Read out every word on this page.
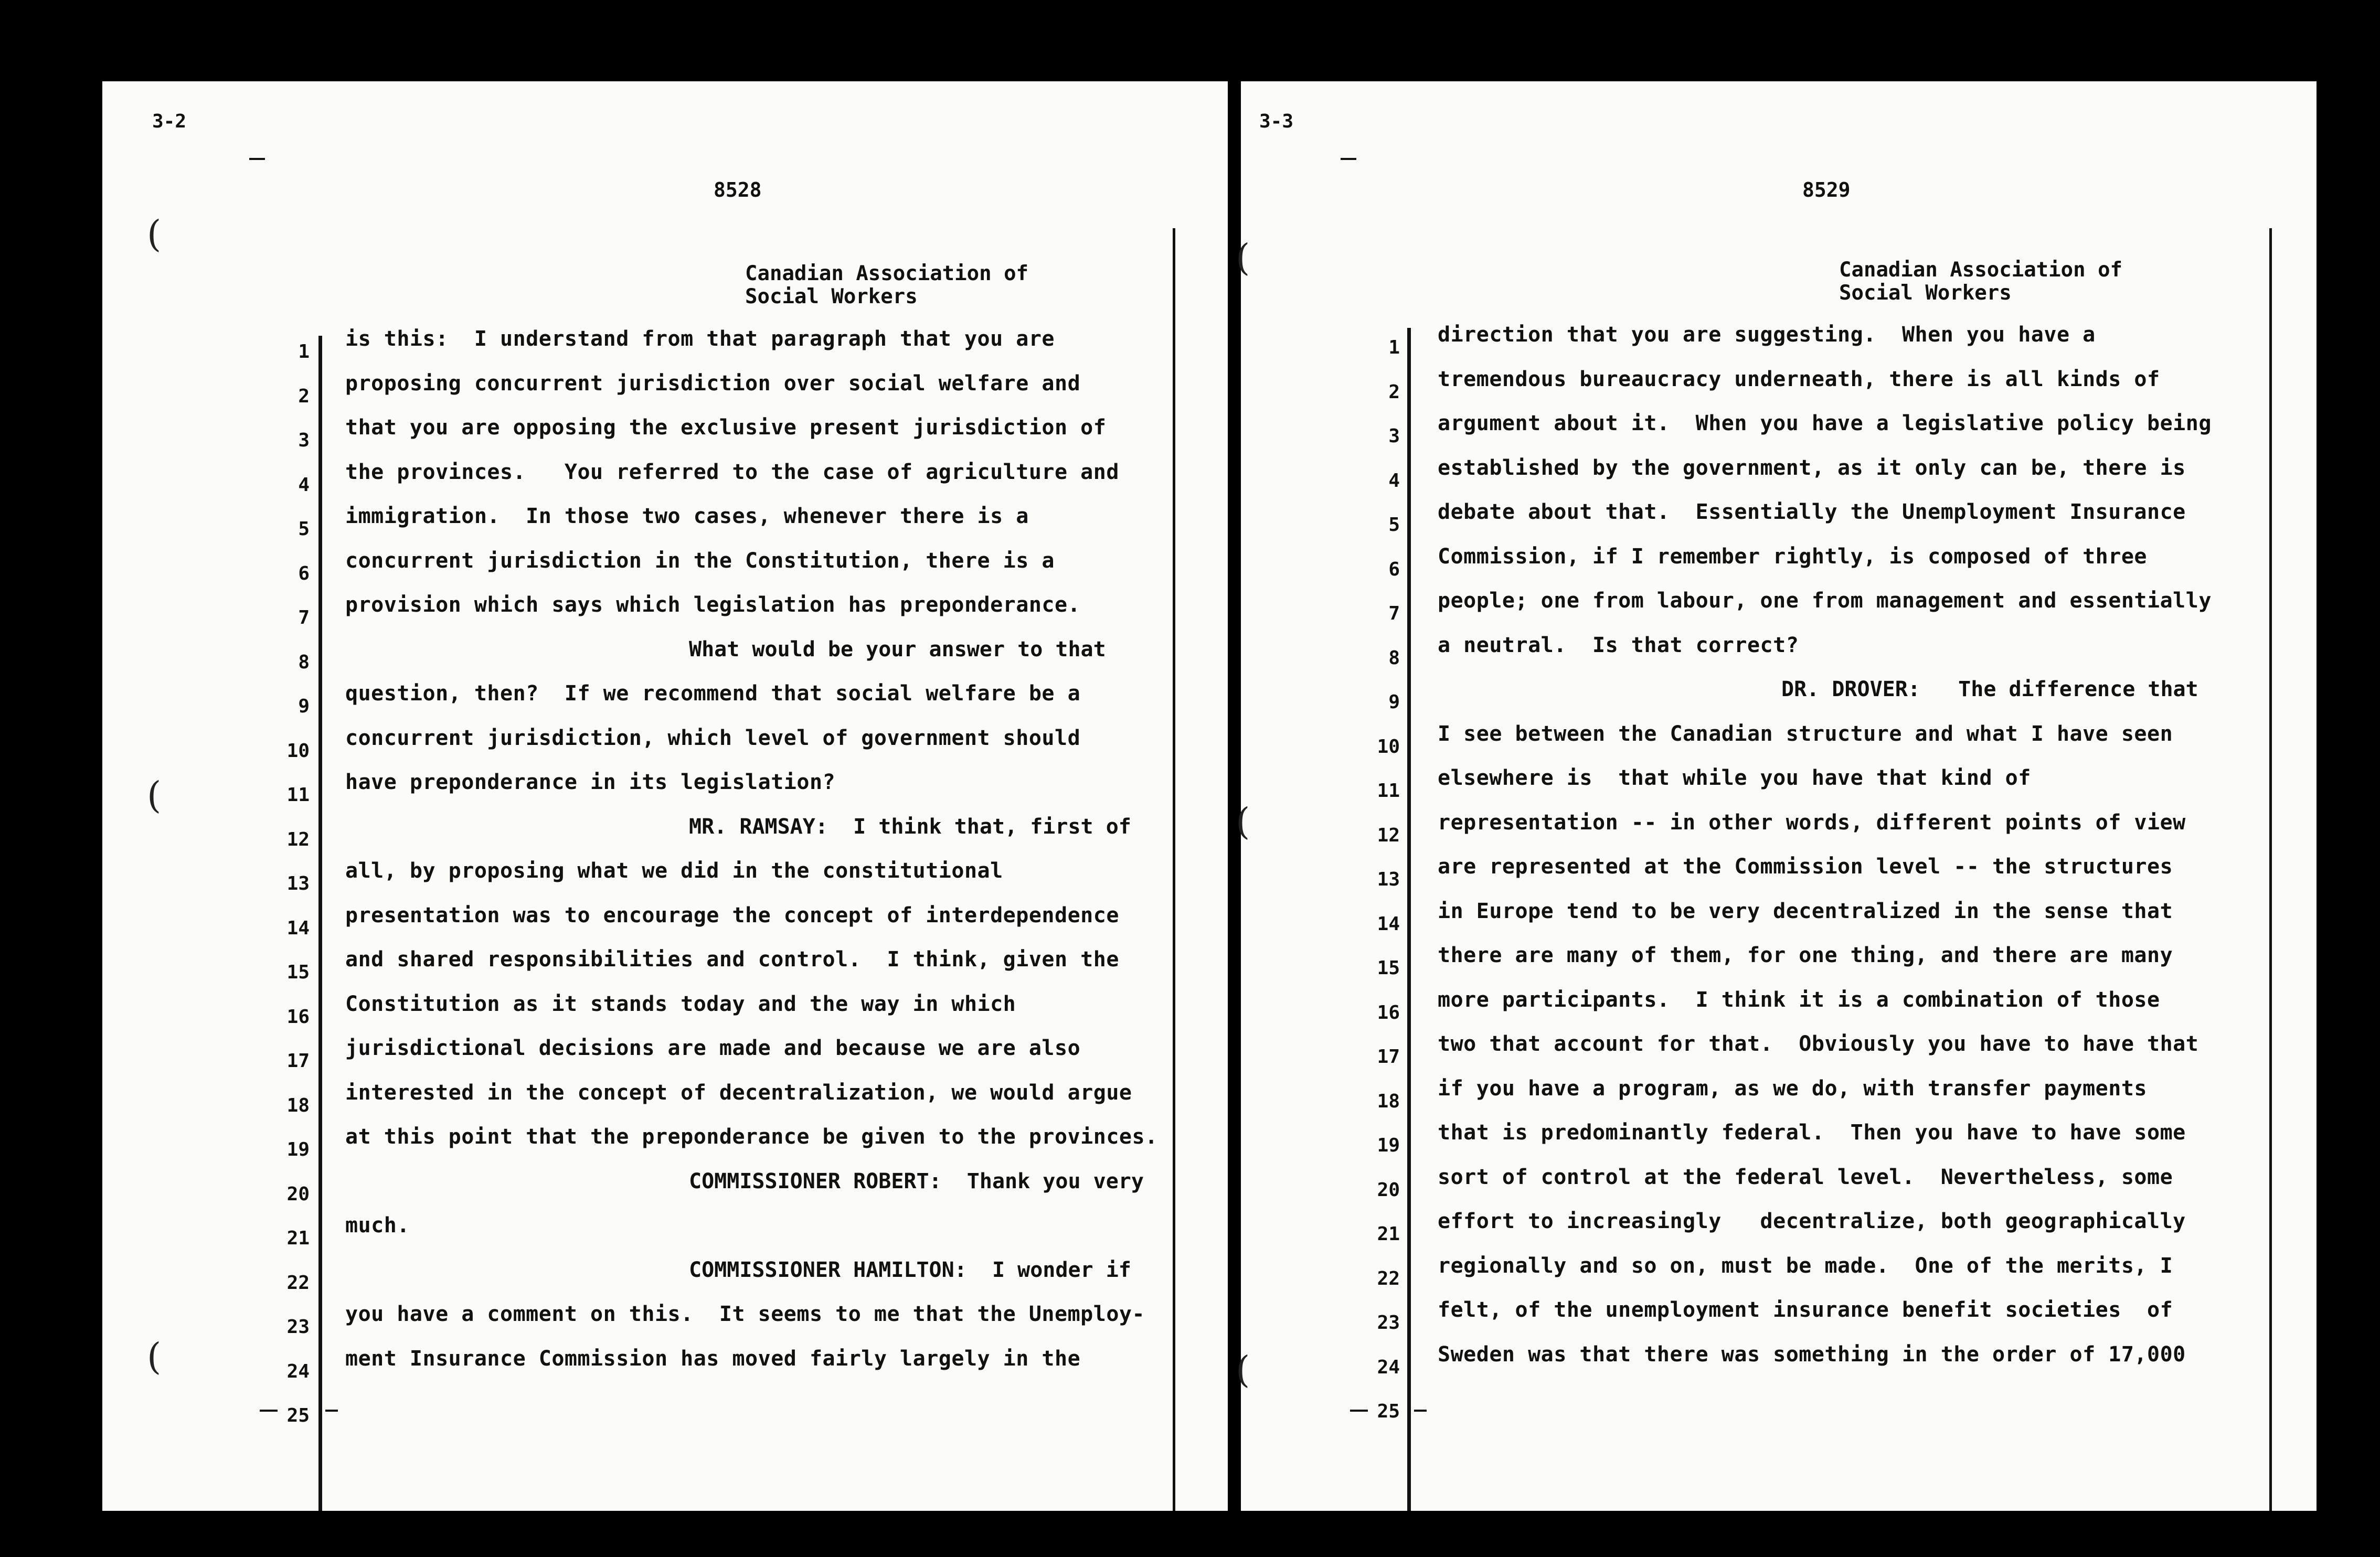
3-2
8528
Canadian Association of
Social Workers
(
(
(
1
2
3
4
5
6
7
8
9
10
11
12
13
14
15
16
17
18
19
20
21
22
23
24
25
is this:  I understand from that paragraph that you are
proposing concurrent jurisdiction over social welfare and
that you are opposing the exclusive present jurisdiction of
the provinces.   You referred to the case of agriculture and
immigration.  In those two cases, whenever there is a
concurrent jurisdiction in the Constitution, there is a
provision which says which legislation has preponderance.
What would be your answer to that
question, then?  If we recommend that social welfare be a
concurrent jurisdiction, which level of government should
have preponderance in its legislation?
MR. RAMSAY:  I think that, first of
all, by proposing what we did in the constitutional
presentation was to encourage the concept of interdependence
and shared responsibilities and control.  I think, given the
Constitution as it stands today and the way in which
jurisdictional decisions are made and because we are also
interested in the concept of decentralization, we would argue
at this point that the preponderance be given to the provinces.
COMMISSIONER ROBERT:  Thank you very
much.
COMMISSIONER HAMILTON:  I wonder if
you have a comment on this.  It seems to me that the Unemploy-
ment Insurance Commission has moved fairly largely in the
3-3
8529
Canadian Association of
Social Workers
(
(
(
1
2
3
4
5
6
7
8
9
10
11
12
13
14
15
16
17
18
19
20
21
22
23
24
25
direction that you are suggesting.  When you have a
tremendous bureaucracy underneath, there is all kinds of
argument about it.  When you have a legislative policy being
established by the government, as it only can be, there is
debate about that.  Essentially the Unemployment Insurance
Commission, if I remember rightly, is composed of three
people; one from labour, one from management and essentially
a neutral.  Is that correct?
DR. DROVER:   The difference that
I see between the Canadian structure and what I have seen
elsewhere is  that while you have that kind of
representation -- in other words, different points of view
are represented at the Commission level -- the structures
in Europe tend to be very decentralized in the sense that
there are many of them, for one thing, and there are many
more participants.  I think it is a combination of those
two that account for that.  Obviously you have to have that
if you have a program, as we do, with transfer payments
that is predominantly federal.  Then you have to have some
sort of control at the federal level.  Nevertheless, some
effort to increasingly   decentralize, both geographically
regionally and so on, must be made.  One of the merits, I
felt, of the unemployment insurance benefit societies  of
Sweden was that there was something in the order of 17,000
